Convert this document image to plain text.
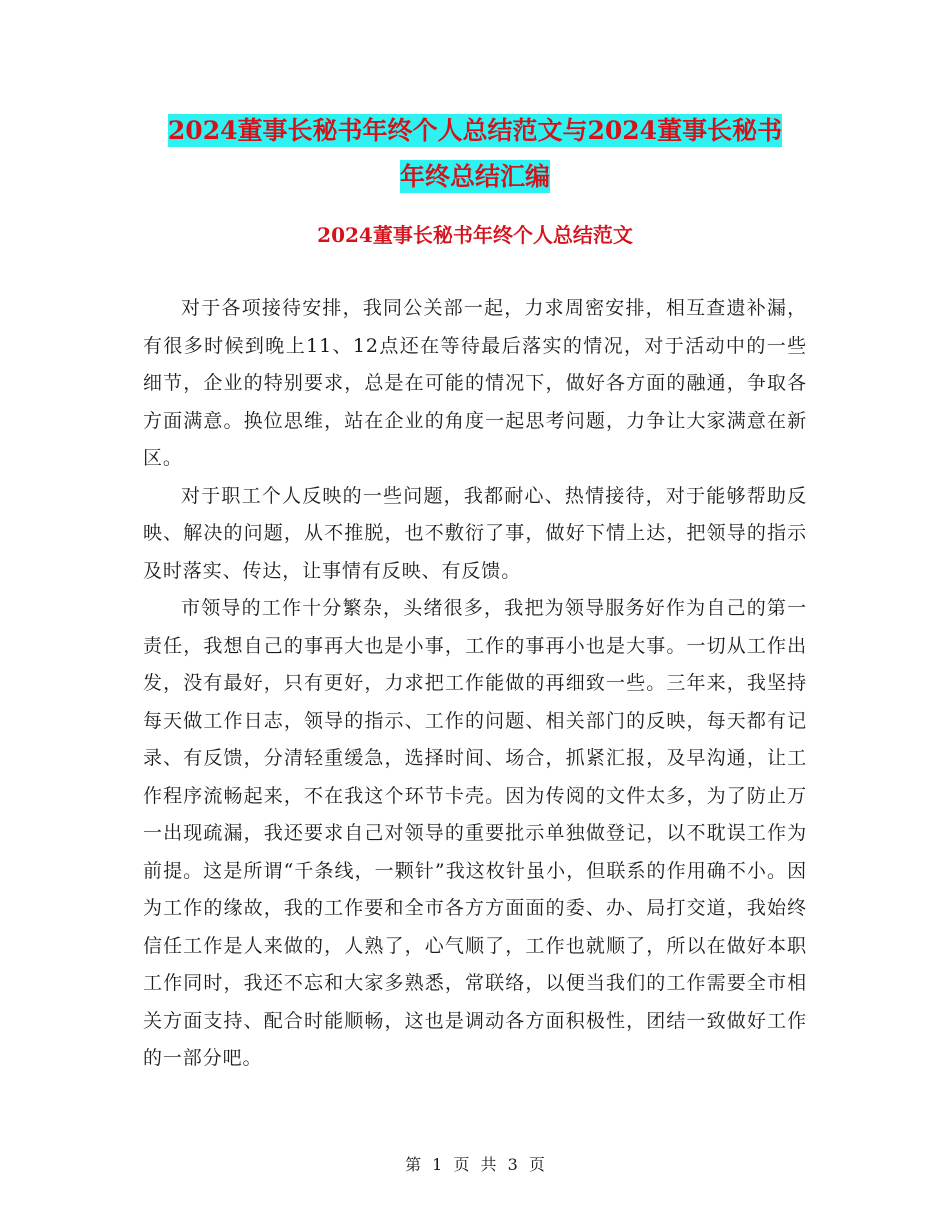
2024董事长秘书年终个人总结范文与2024董事长秘书
年终总结汇编
2024董事长秘书年终个人总结范文

对于各项接待安排，我同公关部一起，力求周密安排，相互查遗补漏，有很多时候到晚上11、12点还在等待最后落实的情况，对于活动中的一些细节，企业的特别要求，总是在可能的情况下，做好各方面的融通，争取各方面满意。换位思维，站在企业的角度一起思考问题，力争让大家满意在新区。

对于职工个人反映的一些问题，我都耐心、热情接待，对于能够帮助反映、解决的问题，从不推脱，也不敷衍了事，做好下情上达，把领导的指示及时落实、传达，让事情有反映、有反馈。

市领导的工作十分繁杂，头绪很多，我把为领导服务好作为自己的第一责任，我想自己的事再大也是小事，工作的事再小也是大事。一切从工作出发，没有最好，只有更好，力求把工作能做的再细致一些。三年来，我坚持每天做工作日志，领导的指示、工作的问题、相关部门的反映，每天都有记录、有反馈，分清轻重缓急，选择时间、场合，抓紧汇报，及早沟通，让工作程序流畅起来，不在我这个环节卡壳。因为传阅的文件太多，为了防止万一出现疏漏，我还要求自己对领导的重要批示单独做登记，以不耽误工作为前提。这是所谓“千条线，一颗针”我这枚针虽小，但联系的作用确不小。因为工作的缘故，我的工作要和全市各方方面面的委、办、局打交道，我始终信任工作是人来做的，人熟了，心气顺了，工作也就顺了，所以在做好本职工作同时，我还不忘和大家多熟悉，常联络，以便当我们的工作需要全市相关方面支持、配合时能顺畅，这也是调动各方面积极性，团结一致做好工作的一部分吧。

第 1 页 共 3 页
